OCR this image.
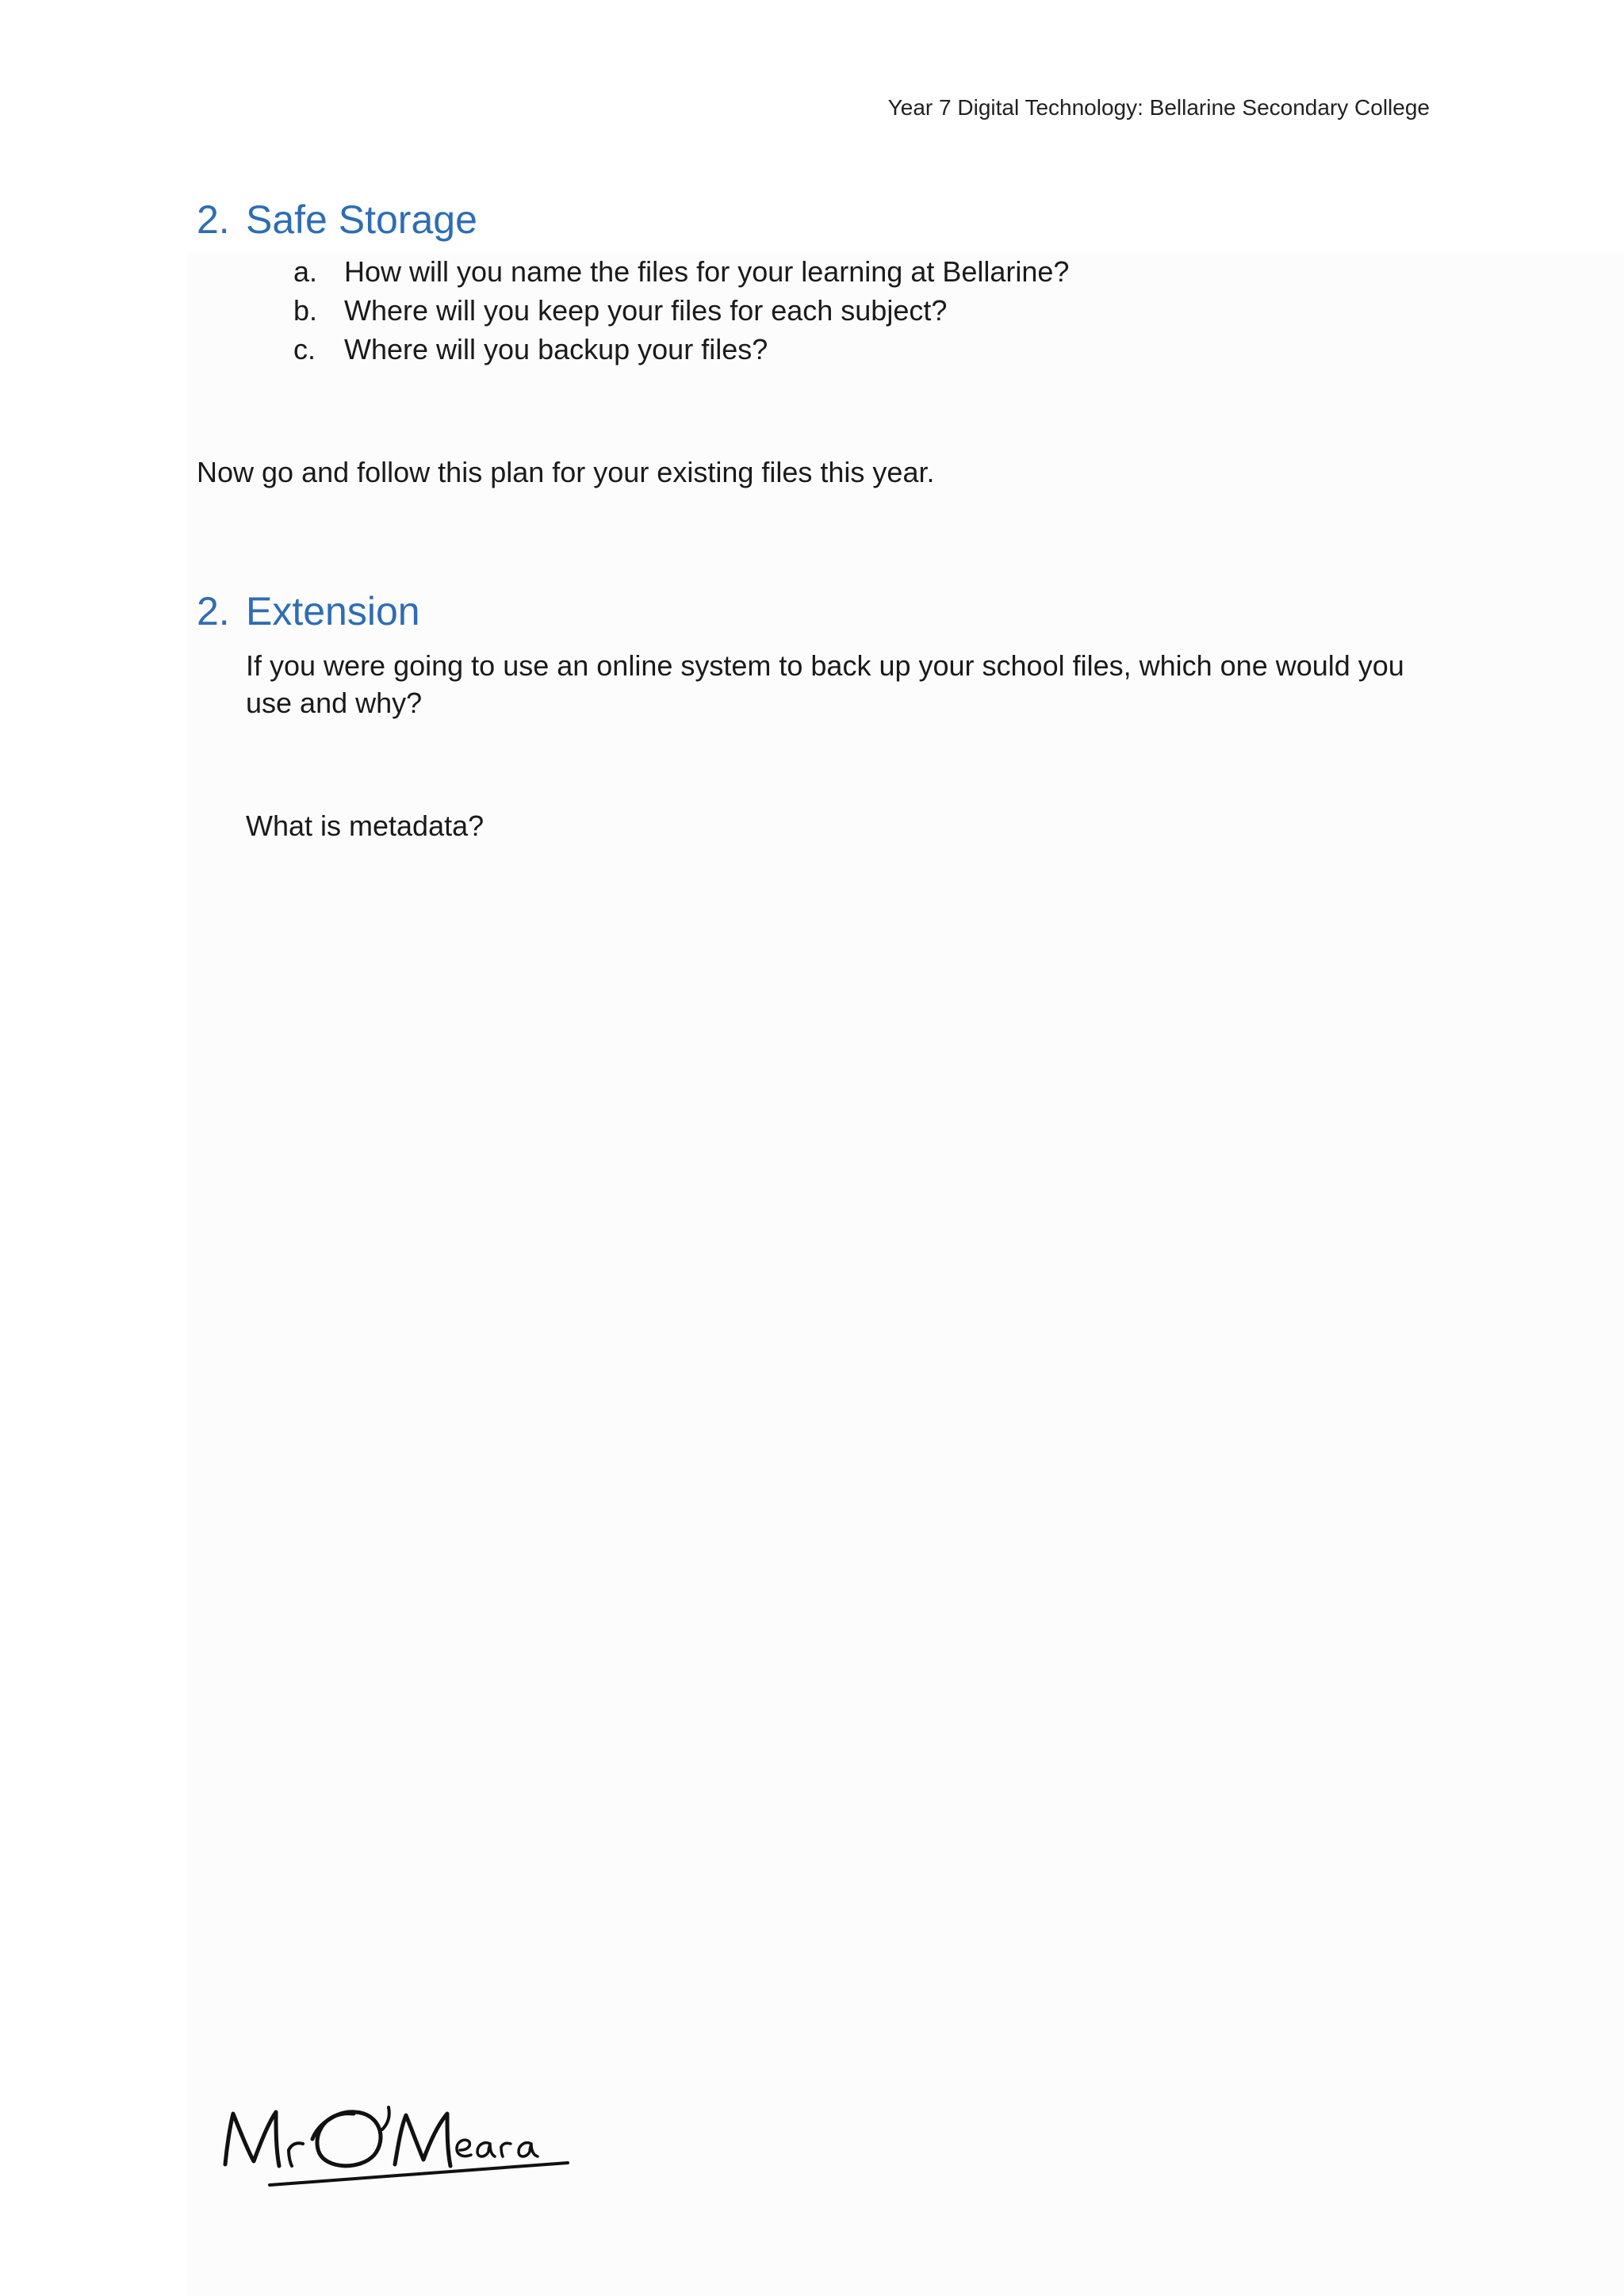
Year 7 Digital Technology: Bellarine Secondary College
2. Safe Storage
a. How will you name the files for your learning at Bellarine?
b. Where will you keep your files for each subject?
c. Where will you backup your files?

Now go and follow this plan for your existing files this year.

2. Extension

If you were going to use an online system to back up your school files, which one would you use and why?

What is metadata?
